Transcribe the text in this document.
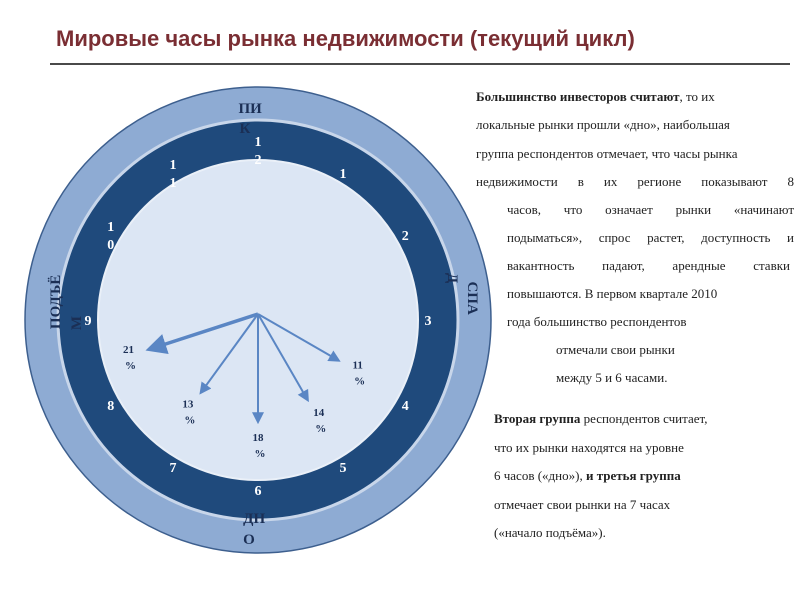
Мировые часы рынка недвижимости (текущий цикл)
1 2
1
2
3
4
5
6
7
8
9
1 0
1 1
21 %
13 %
18 %
14 %
11 %
ПИ К
СПА Д
ДН О
ПОДЪЁ М
Большинство инвесторов считают, то их
локальные рынки прошли «дно», наибольшая
группа респондентов отмечает, что часы рынка
недвижимости в их регионе показывают 8
часов, что означает рынки «начинают
подыматься», спрос растет, доступность и
вакантность падают, арендные ставки
повышаются. В первом квартале 2010
года большинство респондентов
отмечали свои рынки
между 5 и 6 часами.
Вторая группа респондентов считает,
что их рынки находятся на уровне
6 часов («дно»), и третья группа
отмечает свои рынки на 7 часах
(«начало подъёма»).
